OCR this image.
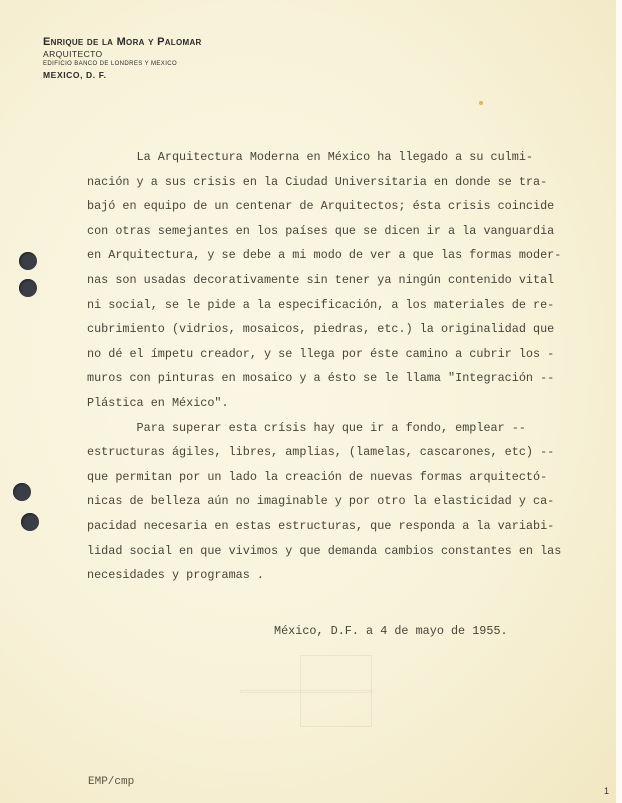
Enrique de la Mora y Palomar
ARQUITECTO
EDIFICIO BANCO DE LONDRES Y MEXICO
MEXICO, D. F.
La Arquitectura Moderna en México ha llegado a su culmi-
nación y a sus crisis en la Ciudad Universitaria en donde se tra-
bajó en equipo de un centenar de Arquitectos; ésta crisis coincide
con otras semejantes en los países que se dicen ir a la vanguardia
en Arquitectura, y se debe a mi modo de ver a que las formas moder-
nas son usadas decorativamente sin tener ya ningún contenido vital
ni social, se le pide a la especificación, a los materiales de re-
cubrimiento (vidrios, mosaicos, piedras, etc.) la originalidad que
no dé el ímpetu creador, y se llega por éste camino a cubrir los -
muros con pinturas en mosaico y a ésto se le llama "Integración --
Plástica en México".
Para superar esta crísis hay que ir a fondo, emplear --
estructuras ágiles, libres, amplias, (lamelas, cascarones, etc) --
que permitan por un lado la creación de nuevas formas arquitectó-
nicas de belleza aún no imaginable y por otro la elasticidad y ca-
pacidad necesaria en estas estructuras, que responda a la variabi-
lidad social en que vivimos y que demanda cambios constantes en las
necesidades y programas .
México, D.F. a 4 de mayo de 1955.
EMP/cmp
1
